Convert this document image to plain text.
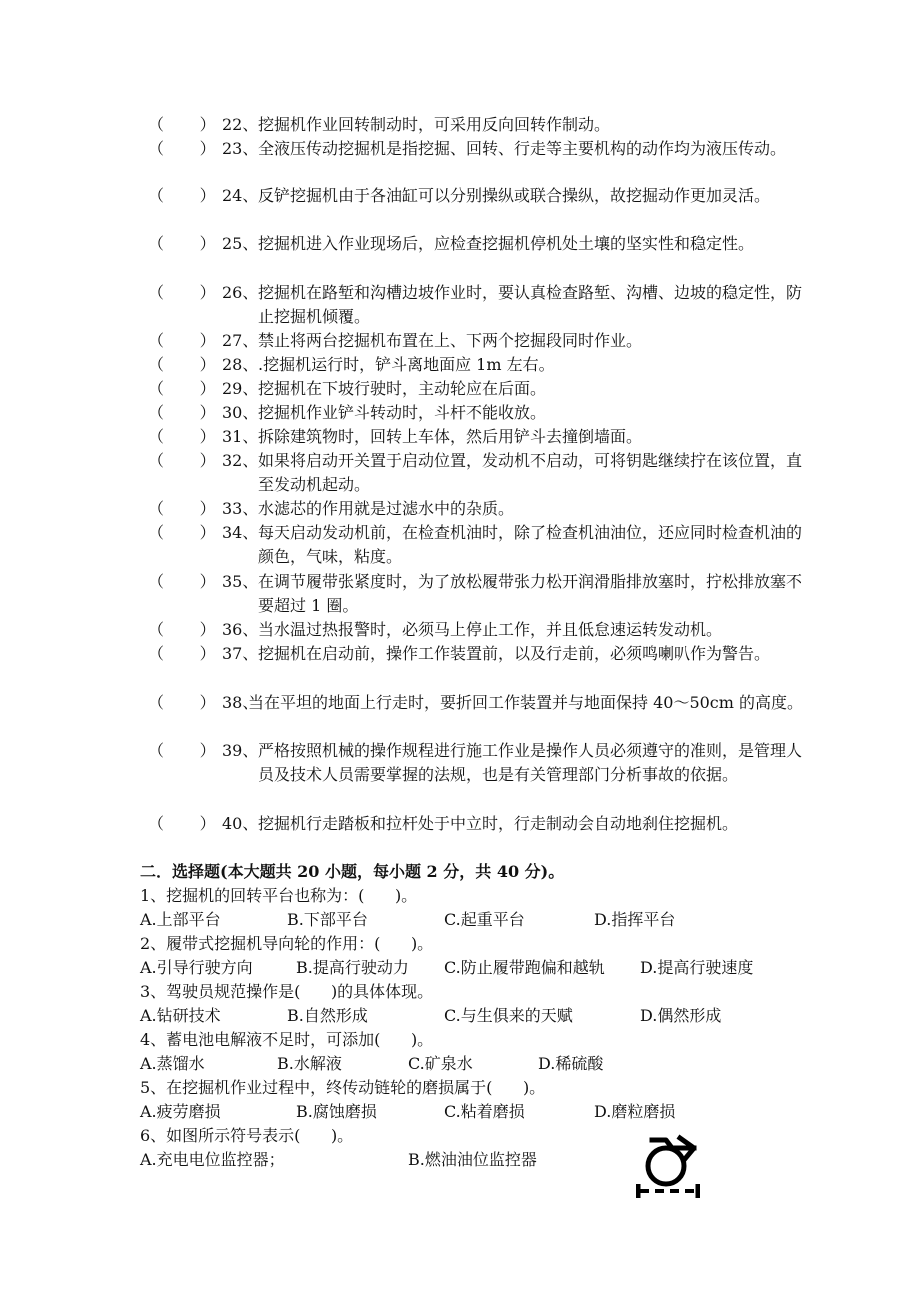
（       ） 22、 挖掘机作业回转制动时，可采用反向回转作制动。
（       ） 23、 全液压传动挖掘机是指挖掘、回转、行走等主要机构的动作均为液压传动。
（       ） 24、 反铲挖掘机由于各油缸可以分别操纵或联合操纵，故挖掘动作更加灵活。
（       ） 25、 挖掘机进入作业现场后，应检查挖掘机停机处土壤的坚实性和稳定性。
（       ） 26、 挖掘机在路堑和沟槽边坡作业时，要认真检查路堑、沟槽、边坡的稳定性，防止挖掘机倾覆。
（       ） 27、 禁止将两台挖掘机布置在上、下两个挖掘段同时作业。
（       ） 28、 .挖掘机运行时，铲斗离地面应 1m 左右。
（       ） 29、 挖掘机在下坡行驶时，主动轮应在后面。
（       ） 30、 挖掘机作业铲斗转动时，斗杆不能收放。
（       ） 31、 拆除建筑物时，回转上车体，然后用铲斗去撞倒墙面。
（       ） 32、 如果将启动开关置于启动位置，发动机不启动，可将钥匙继续拧在该位置，直至发动机起动。
（       ） 33、 水滤芯的作用就是过滤水中的杂质。
（       ） 34、 每天启动发动机前，在检查机油时，除了检查机油油位，还应同时检查机油的颜色，气味，粘度。
（       ） 35、 在调节履带张紧度时，为了放松履带张力松开润滑脂排放塞时，拧松排放塞不要超过 1 圈。
（       ） 36、 当水温过热报警时，必须马上停止工作，并且低怠速运转发动机。
（       ） 37、 挖掘机在启动前，操作工作装置前，以及行走前，必须鸣喇叭作为警告。
（       ） 38、
当在平坦的地面上行走时，要折回工作装置并与地面保持 40～50cm 的高度。
（       ） 39、 严格按照机械的操作规程进行施工作业是操作人员必须遵守的准则，是管理人员及技术人员需要掌握的法规，也是有关管理部门分析事故的依据。
（       ） 40、 挖掘机行走踏板和拉杆处于中立时，行走制动会自动地刹住挖掘机。
二．选择题(本大题共 20 小题，每小题 2 分，共 40 分)。
1、挖掘机的回转平台也称为：(      )。
A.上部平台	B.下部平台	C.起重平台	D.指挥平台
2、履带式挖掘机导向轮的作用：(      )。
A.引导行驶方向	B.提高行驶动力 C.防止履带跑偏和越轨 D.提高行驶速度
3、驾驶员规范操作是(      )的具体体现。
A.钻研技术	B.自然形成	C.与生俱来的天赋	D.偶然形成
4、蓄电池电解液不足时，可添加(      )。
A.蒸馏水	B.水解液	C.矿泉水	D.稀硫酸
5、在挖掘机作业过程中，终传动链轮的磨损属于(      )。
A.疲劳磨损	B.腐蚀磨损	C.粘着磨损	D.磨粒磨损
6、如图所示符号表示(      )。
A.充电电位监控器；	B.燃油油位监控器
